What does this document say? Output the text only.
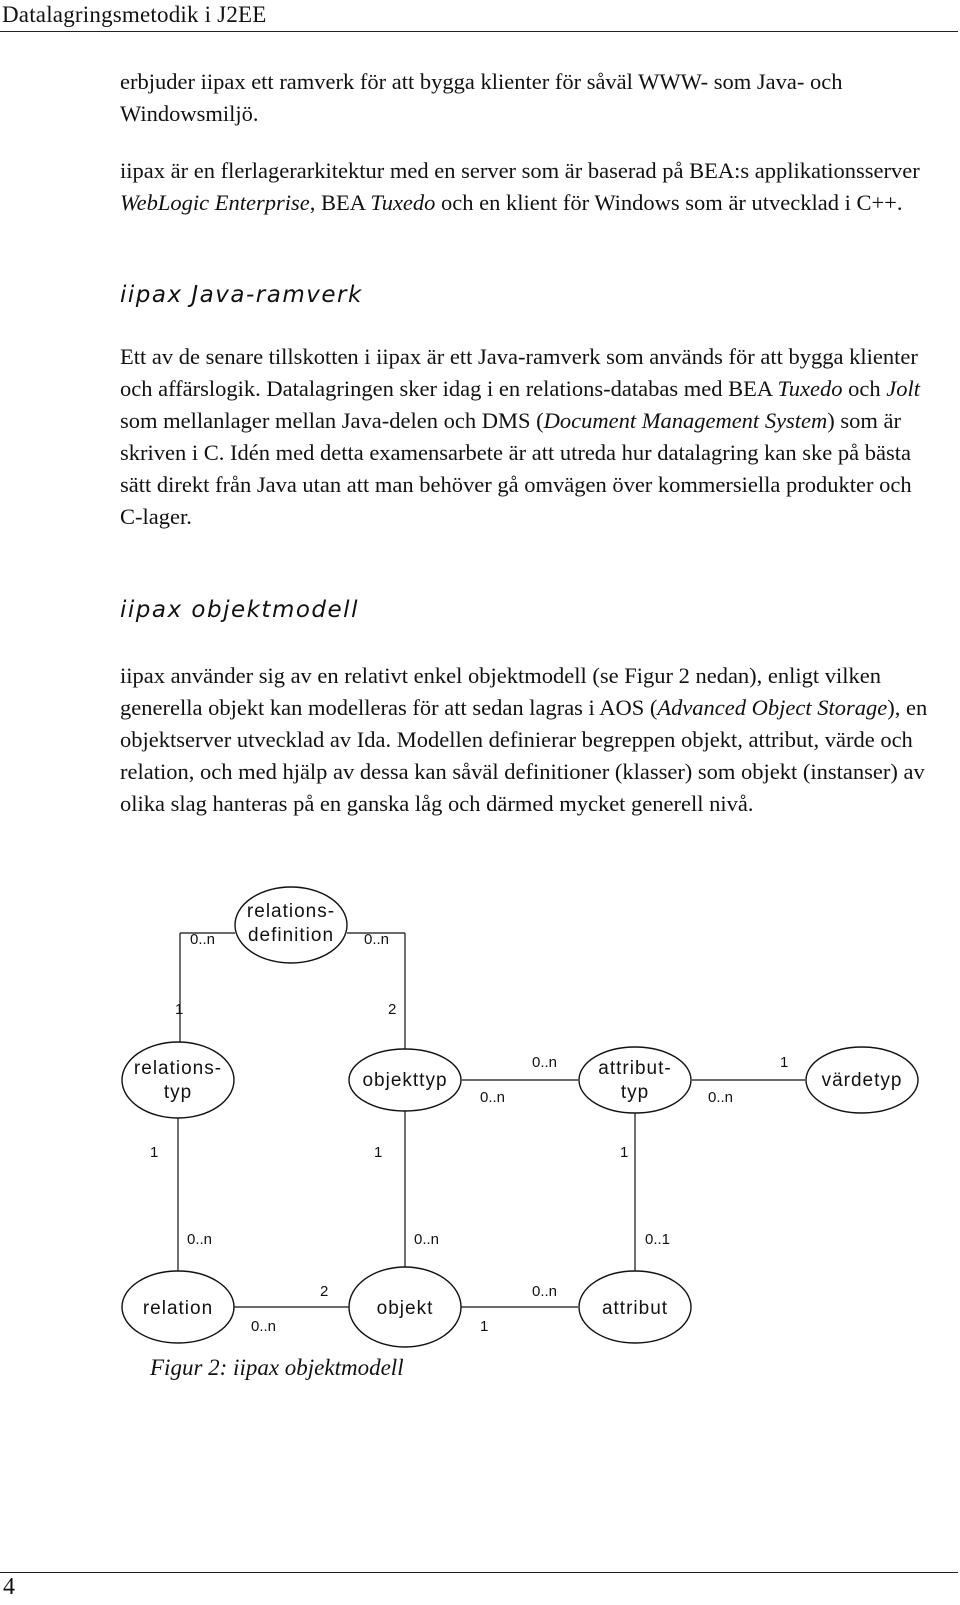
Datalagringsmetodik i J2EE

erbjuder iipax ett ramverk för att bygga klienter för såväl WWW- som Java- och Windowsmiljö.

iipax är en flerlagerarkitektur med en server som är baserad på BEA:s applikationsserver WebLogic Enterprise, BEA Tuxedo och en klient för Windows som är utvecklad i C++.

iipax Java-ramverk

Ett av de senare tillskotten i iipax är ett Java-ramverk som används för att bygga klienter och affärslogik. Datalagringen sker idag i en relations-databas med BEA Tuxedo och Jolt som mellanlager mellan Java-delen och DMS (Document Management System) som är skriven i C. Idén med detta examensarbete är att utreda hur datalagring kan ske på bästa sätt direkt från Java utan att man behöver gå omvägen över kommersiella produkter och C-lager.

iipax objektmodell

iipax använder sig av en relativt enkel objektmodell (se Figur 2 nedan), enligt vilken generella objekt kan modelleras för att sedan lagras i AOS (Advanced Object Storage), en objektserver utvecklad av Ida. Modellen definierar begreppen objekt, attribut, värde och relation, och med hjälp av dessa kan såväl definitioner (klasser) som objekt (instanser) av olika slag hanteras på en ganska låg och därmed mycket generell nivå.

relations-
definition
relations-
typ
objekttyp
attribut-
typ
värdetyp
relation	objekt	attribut
0..n	0..n
1	2
0..n
0..n
1
0..n
1	1	1
0..n	0..n	0..1
2
0..n
0..n
1
Figur 2: iipax objektmodell
4
